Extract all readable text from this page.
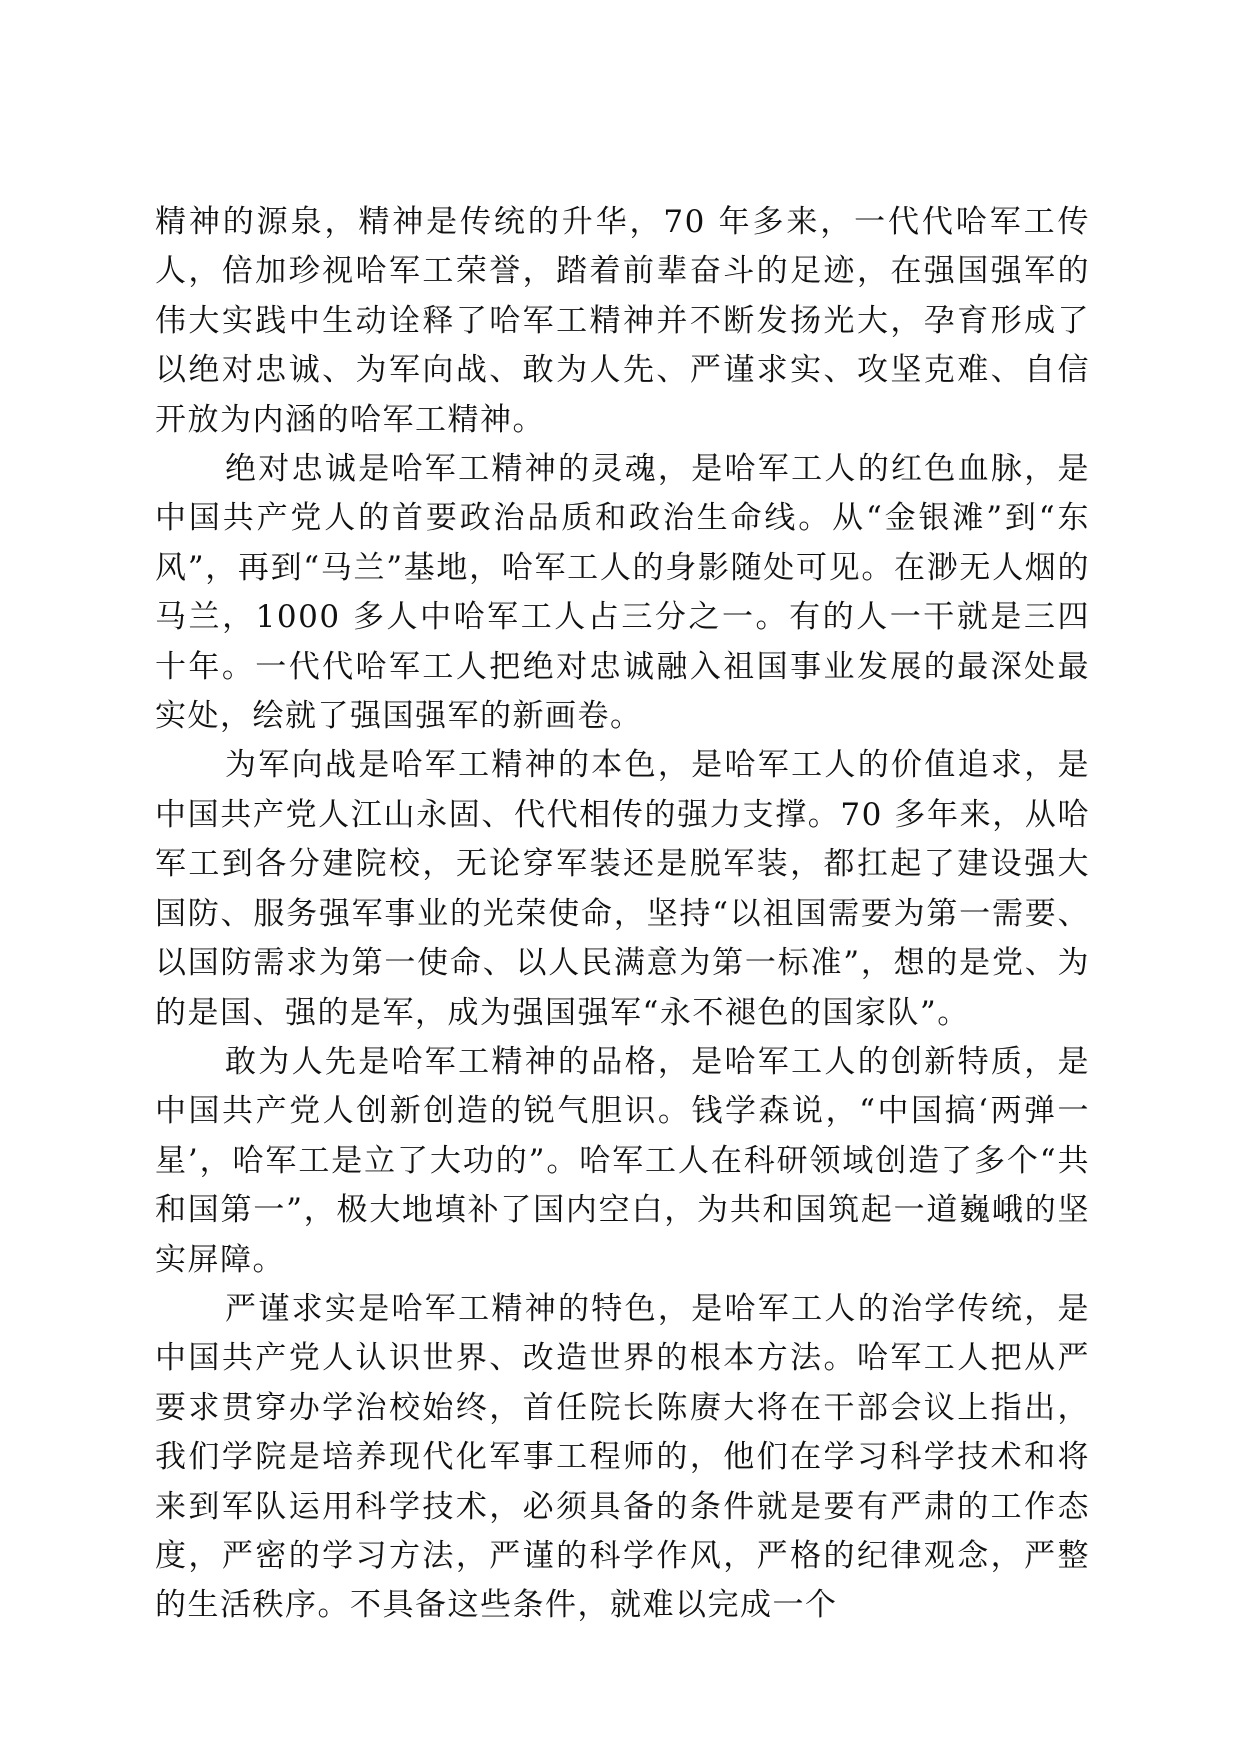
精神的源泉，精神是传统的升华，70 年多来，一代代哈军工传人，倍加珍视哈军工荣誉，踏着前辈奋斗的足迹，在强国强军的伟大实践中生动诠释了哈军工精神并不断发扬光大，孕育形成了以绝对忠诚、为军向战、敢为人先、严谨求实、攻坚克难、自信开放为内涵的哈军工精神。

绝对忠诚是哈军工精神的灵魂，是哈军工人的红色血脉，是中国共产党人的首要政治品质和政治生命线。从“金银滩”到“东风”，再到“马兰”基地，哈军工人的身影随处可见。在渺无人烟的马兰，1000 多人中哈军工人占三分之一。有的人一干就是三四十年。一代代哈军工人把绝对忠诚融入祖国事业发展的最深处最实处，绘就了强国强军的新画卷。

为军向战是哈军工精神的本色，是哈军工人的价值追求，是中国共产党人江山永固、代代相传的强力支撑。70 多年来，从哈军工到各分建院校，无论穿军装还是脱军装，都扛起了建设强大国防、服务强军事业的光荣使命，坚持“以祖国需要为第一需要、以国防需求为第一使命、以人民满意为第一标准”，想的是党、为的是国、强的是军，成为强国强军“永不褪色的国家队”。

敢为人先是哈军工精神的品格，是哈军工人的创新特质，是中国共产党人创新创造的锐气胆识。钱学森说，“中国搞‘两弹一星’，哈军工是立了大功的”。哈军工人在科研领域创造了多个“共和国第一”，极大地填补了国内空白，为共和国筑起一道巍峨的坚实屏障。

严谨求实是哈军工精神的特色，是哈军工人的治学传统，是中国共产党人认识世界、改造世界的根本方法。哈军工人把从严要求贯穿办学治校始终，首任院长陈赓大将在干部会议上指出，我们学院是培养现代化军事工程师的，他们在学习科学技术和将来到军队运用科学技术，必须具备的条件就是要有严肃的工作态度，严密的学习方法，严谨的科学作风，严格的纪律观念，严整的生活秩序。不具备这些条件，就难以完成一个
